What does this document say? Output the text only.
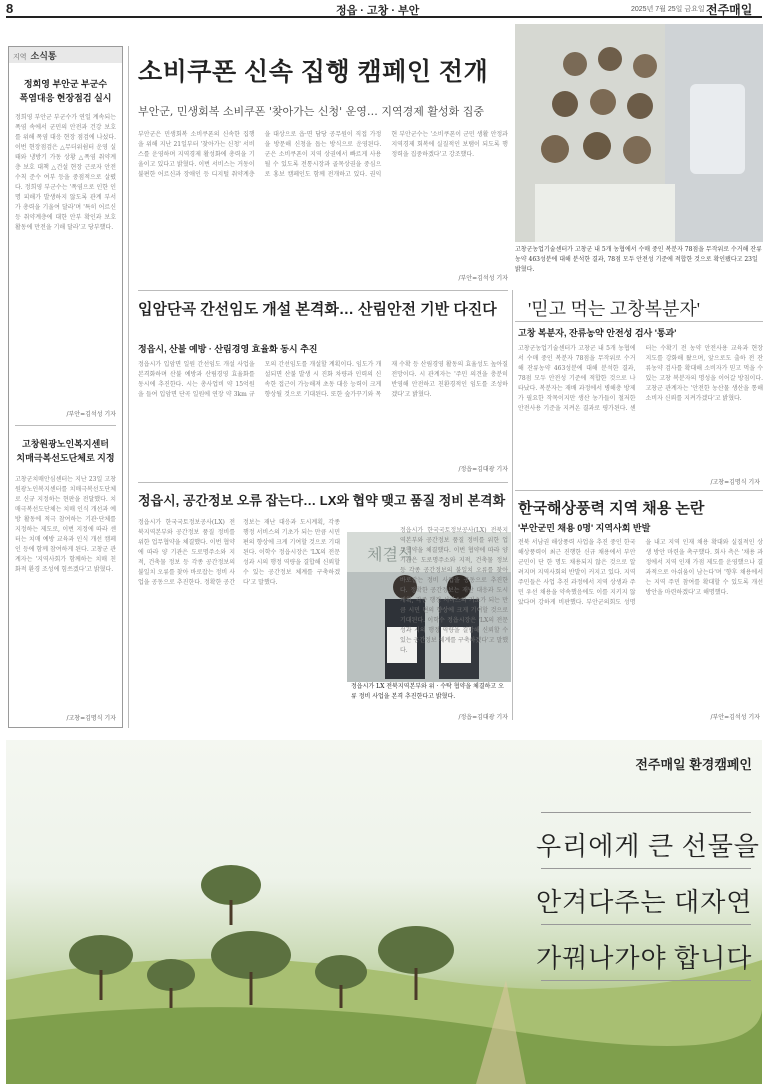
8	정읍 · 고창 · 부안	2025년 7월 25일 금요일 전주매일
지역 소식통
정희영 부안군 부군수
폭염대응 현장점검 실시
정희영 부안군 부군수가 연일 계속되는 폭염 속에서 군민의 안전과 건강 보호를 위해 폭염 대응 현장 점검에 나섰다. 이번 현장점검은 △무더위쉼터 운영 실태와 냉방기 가동 상황 △폭염 취약계층 보호 대책 △건설 현장 근로자 안전 수칙 준수 여부 등을 중점적으로 살폈다. 정희영 부군수는 '폭염으로 인한 인명 피해가 발생하지 않도록 관계 부서가 총력을 기울여 달라'며 '특히 어르신 등 취약계층에 대한 안부 확인과 보호 활동에 만전을 기해 달라'고 당부했다.
/부안=김석성 기자
고창원광노인복지센터
치매극복선도단체로 지정
고창군치매안심센터는 지난 23일 고창원광노인복지센터를 치매극복선도단체로 신규 지정하는 현판을 전달했다. 치매극복선도단체는 치매 인식 개선과 예방 활동에 적극 참여하는 기관·단체를 지정하는 제도로, 이번 지정에 따라 센터는 치매 예방 교육과 인식 개선 캠페인 등에 함께 참여하게 된다. 고창군 관계자는 '지역사회가 함께하는 치매 친화적 환경 조성에 힘쓰겠다'고 밝혔다.
/고창=김명식 기자
소비쿠폰 신속 집행 캠페인 전개
부안군, 민생회복 소비쿠폰 '찾아가는 신청' 운영… 지역경제 활성화 집중
부안군은 민생회복 소비쿠폰의 신속한 집행을 위해 지난 21일부터 '찾아가는 신청' 서비스를 운영하며 지역경제 활성화에 총력을 기울이고 있다고 밝혔다. 이번 서비스는 거동이 불편한 어르신과 장애인 등 디지털 취약계층을 대상으로 읍·면 담당 공무원이 직접 가정을 방문해 신청을 돕는 방식으로 운영된다. 군은 소비쿠폰이 지역 상권에서 빠르게 사용될 수 있도록 전통시장과 골목상권을 중심으로 홍보 캠페인도 함께 전개하고 있다. 권익현 부안군수는 '소비쿠폰이 군민 생활 안정과 지역경제 회복에 실질적인 보탬이 되도록 행정력을 집중하겠다'고 강조했다.
/부안=김석성 기자
고창군농업기술센터가 고창군 내 5개 농협에서 수매 중인 복분자 78점을 무작위로 수거해 잔류농약 463성분에 대해 분석한 결과, 78점 모두 안전성 기준에 적합한 것으로 확인됐다고 23일 밝혔다.
'믿고 먹는 고창복분자'
고창 복분자, 잔류농약 안전성 검사 '통과'
고창군농업기술센터가 고창군 내 5개 농협에서 수매 중인 복분자 78점을 무작위로 수거해 잔류농약 463성분에 대해 분석한 결과, 78점 모두 안전성 기준에 적합한 것으로 나타났다. 복분자는 재배 과정에서 병해충 방제가 필요한 작목이지만 생산 농가들이 철저한 안전사용 기준을 지켜온 결과로 평가된다. 센터는 수확기 전 농약 안전사용 교육과 현장 지도를 강화해 왔으며, 앞으로도 출하 전 잔류농약 검사를 확대해 소비자가 믿고 먹을 수 있는 고창 복분자의 명성을 이어갈 방침이다. 고창군 관계자는 '안전한 농산물 생산을 통해 소비자 신뢰를 지켜가겠다'고 밝혔다.
/고창=김명식 기자
입암단곡 간선임도 개설 본격화… 산림안전 기반 다진다
정읍시, 산불 예방 · 산림경영 효율화 동시 추진
정읍시가 입암면 일원 간선임도 개설 사업을 본격화하며 산불 예방과 산림경영 효율화를 동시에 추진한다. 시는 총사업비 약 15억원을 들여 입암면 단곡 일원에 연장 약 3km 규모의 간선임도를 개설할 계획이다. 임도가 개설되면 산불 발생 시 진화 차량과 인력의 신속한 접근이 가능해져 초동 대응 능력이 크게 향상될 것으로 기대된다. 또한 숲가꾸기와 목재 수확 등 산림경영 활동의 효율성도 높아질 전망이다. 시 관계자는 '주민 의견을 충분히 반영해 안전하고 친환경적인 임도를 조성하겠다'고 밝혔다.
/정읍=김대광 기자
정읍시, 공간정보 오류 잡는다… LX와 협약 맺고 품질 정비 본격화
정읍시가 한국국토정보공사(LX) 전북지역본부와 공간정보 품질 정비를 위한 업무협약을 체결했다. 이번 협약에 따라 양 기관은 도로명주소와 지적, 건축물 정보 등 각종 공간정보의 불일치 오류를 찾아 바로잡는 정비 사업을 공동으로 추진한다. 정확한 공간정보는 재난 대응과 도시계획, 각종 행정 서비스의 기초가 되는 만큼 시민 편의 향상에 크게 기여할 것으로 기대된다. 이학수 정읍시장은 'LX의 전문성과 시의 행정 역량을 결합해 신뢰할 수 있는 공간정보 체계를 구축하겠다'고 말했다.
체결식
정읍시가 LX 전북지역본부와 위 · 수탁 협약을 체결하고 오류 정비 사업을 본격 추진한다고 밝혔다.
정읍시가 한국국토정보공사(LX) 전북지역본부와 공간정보 품질 정비를 위한 업무협약을 체결했다. 이번 협약에 따라 양 기관은 도로명주소와 지적, 건축물 정보 등 각종 공간정보의 불일치 오류를 찾아 바로잡는 정비 사업을 공동으로 추진한다. 정확한 공간정보는 재난 대응과 도시계획, 각종 행정 서비스의 기초가 되는 만큼 시민 편의 향상에 크게 기여할 것으로 기대된다. 이학수 정읍시장은 'LX의 전문성과 시의 행정 역량을 결합해 신뢰할 수 있는 공간정보 체계를 구축하겠다'고 말했다.
/정읍=김대광 기자
한국해상풍력 지역 채용 논란
'부안군민 채용 0명' 지역사회 반발
전북 서남권 해상풍력 사업을 추진 중인 한국해상풍력이 최근 진행한 신규 채용에서 부안군민이 단 한 명도 채용되지 않은 것으로 알려지며 지역사회의 반발이 커지고 있다. 지역 주민들은 사업 추진 과정에서 지역 상생과 주민 우선 채용을 약속했음에도 이를 지키지 않았다며 강하게 비판했다. 부안군의회도 성명을 내고 지역 인재 채용 확대와 실질적인 상생 방안 마련을 촉구했다. 회사 측은 '채용 과정에서 지역 인재 가점 제도를 운영했으나 결과적으로 아쉬움이 남는다'며 '향후 채용에서는 지역 주민 참여를 확대할 수 있도록 개선 방안을 마련하겠다'고 해명했다.
/부안=김석성 기자
전주매일 환경캠페인
우리에게 큰 선물을
안겨다주는 대자연
가꿔나가야 합니다
